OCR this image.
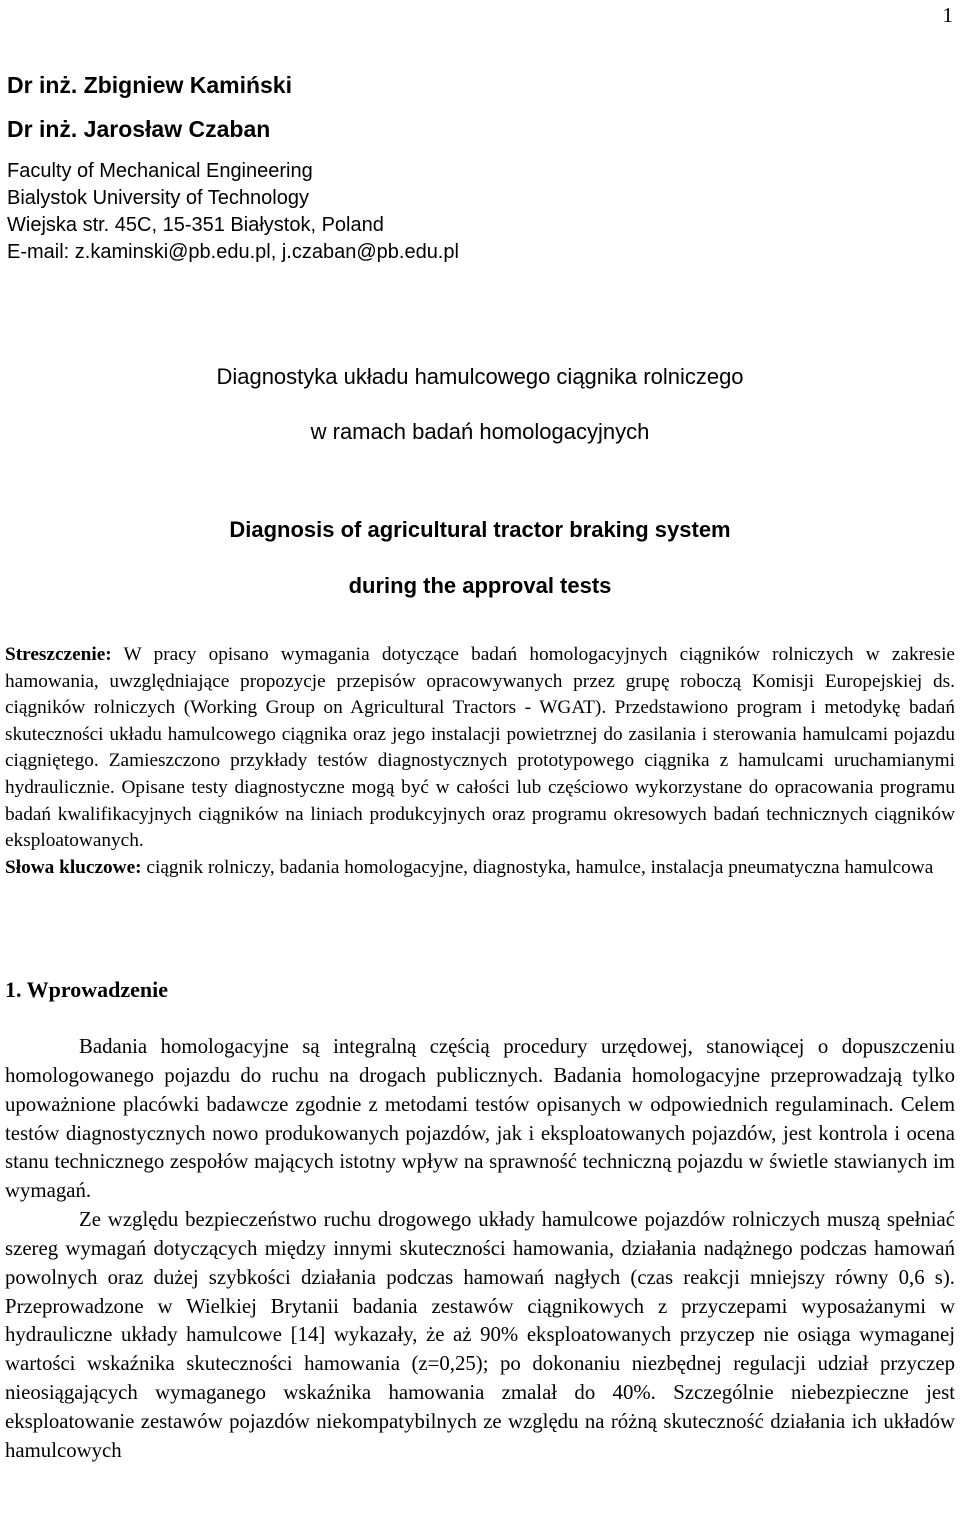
1
Dr inż. Zbigniew Kamiński
Dr inż. Jarosław Czaban
Faculty of Mechanical Engineering
Bialystok University of Technology
Wiejska str. 45C, 15-351 Białystok, Poland
E-mail: z.kaminski@pb.edu.pl, j.czaban@pb.edu.pl
Diagnostyka układu hamulcowego ciągnika rolniczego
w ramach badań homologacyjnych
Diagnosis of agricultural tractor braking system
during the approval tests

Streszczenie: W pracy opisano wymagania dotyczące badań homologacyjnych ciągników rolniczych w zakresie hamowania, uwzględniające propozycje przepisów opracowywanych przez grupę roboczą Komisji Europejskiej ds. ciągników rolniczych (Working Group on Agricultural Tractors - WGAT). Przedstawiono program i metodykę badań skuteczności układu hamulcowego ciągnika oraz jego instalacji powietrznej do zasilania i sterowania hamulcami pojazdu ciągniętego. Zamieszczono przykłady testów diagnostycznych prototypowego ciągnika z hamulcami uruchamianymi hydraulicznie. Opisane testy diagnostyczne mogą być w całości lub częściowo wykorzystane do opracowania programu badań kwalifikacyjnych ciągników na liniach produkcyjnych oraz programu okresowych badań technicznych ciągników eksploatowanych.

Słowa kluczowe: ciągnik rolniczy, badania homologacyjne, diagnostyka, hamulce, instalacja pneumatyczna hamulcowa

1. Wprowadzenie

Badania homologacyjne są integralną częścią procedury urzędowej, stanowiącej o dopuszczeniu homologowanego pojazdu do ruchu na drogach publicznych. Badania homologacyjne przeprowadzają tylko upoważnione placówki badawcze zgodnie z metodami testów opisanych w odpowiednich regulaminach. Celem testów diagnostycznych nowo produkowanych pojazdów, jak i eksploatowanych pojazdów, jest kontrola i ocena stanu technicznego zespołów mających istotny wpływ na sprawność techniczną pojazdu w świetle stawianych im wymagań.

Ze względu bezpieczeństwo ruchu drogowego układy hamulcowe pojazdów rolniczych muszą spełniać szereg wymagań dotyczących między innymi skuteczności hamowania, działania nadążnego podczas hamowań powolnych oraz dużej szybkości działania podczas hamowań nagłych (czas reakcji mniejszy równy 0,6 s). Przeprowadzone w Wielkiej Brytanii badania zestawów ciągnikowych z przyczepami wyposażanymi w hydrauliczne układy hamulcowe [14] wykazały, że aż 90% eksploatowanych przyczep nie osiąga wymaganej wartości wskaźnika skuteczności hamowania (z=0,25); po dokonaniu niezbędnej regulacji udział przyczep nieosiągających wymaganego wskaźnika hamowania zmalał do 40%. Szczególnie niebezpieczne jest eksploatowanie zestawów pojazdów niekompatybilnych ze względu na różną skuteczność działania ich układów hamulcowych
